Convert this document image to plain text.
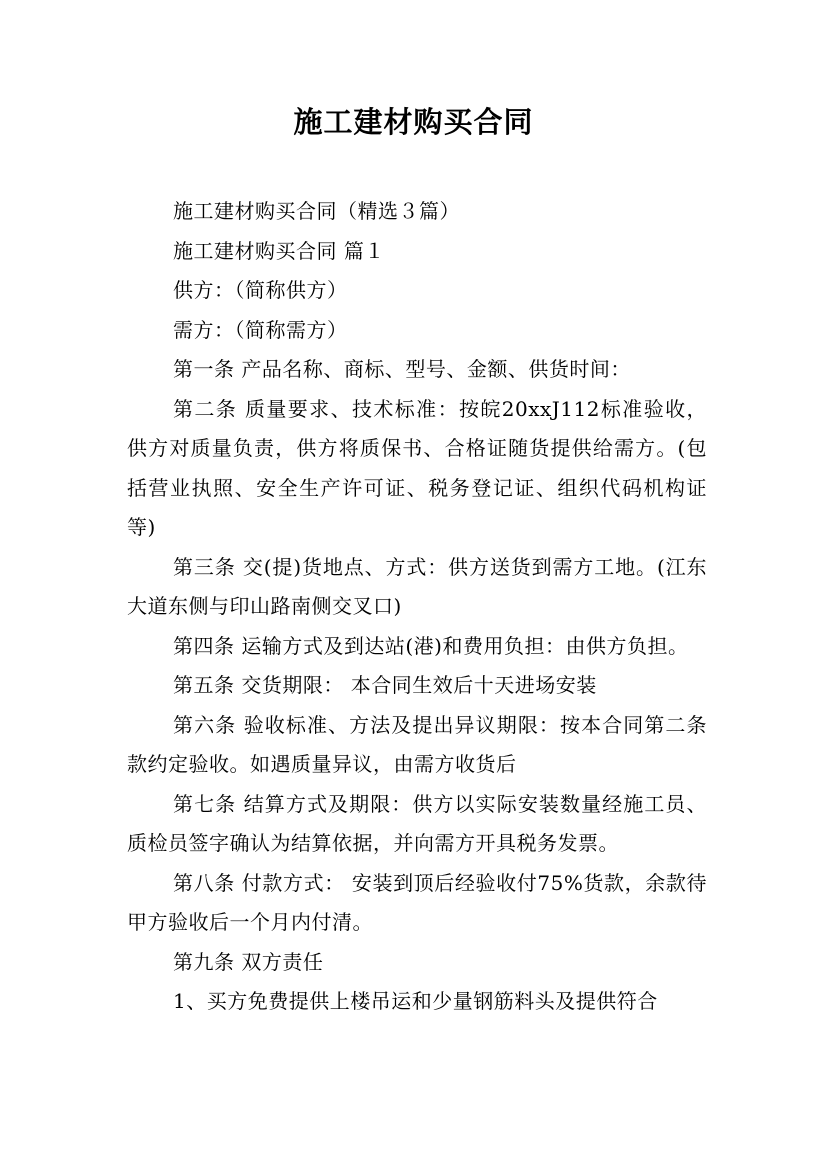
施工建材购买合同

施工建材购买合同（精选３篇）

施工建材购买合同 篇１

供方：（简称供方）

需方：（简称需方）

第一条 产品名称、商标、型号、金额、供货时间：

第二条 质量要求、技术标准：按皖20xxJ112标准验收，供方对质量负责，供方将质保书、合格证随货提供给需方。(包括营业执照、安全生产许可证、税务登记证、组织代码机构证等)

第三条 交(提)货地点、方式：供方送货到需方工地。(江东大道东侧与印山路南侧交叉口)

第四条 运输方式及到达站(港)和费用负担：由供方负担。

第五条 交货期限： 本合同生效后十天进场安装

第六条 验收标准、方法及提出异议期限：按本合同第二条款约定验收。如遇质量异议，由需方收货后

第七条 结算方式及期限：供方以实际安装数量经施工员、质检员签字确认为结算依据，并向需方开具税务发票。

第八条 付款方式： 安装到顶后经验收付75%货款，余款待甲方验收后一个月内付清。

第九条 双方责任

1、买方免费提供上楼吊运和少量钢筋料头及提供符合
